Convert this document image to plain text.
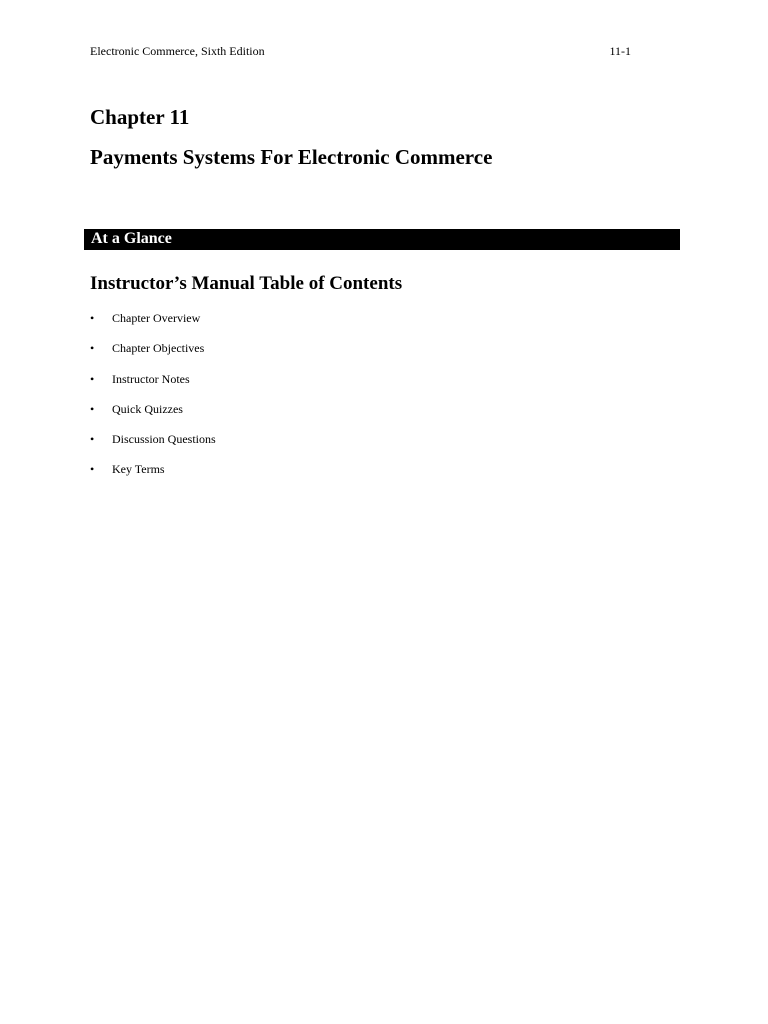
Electronic Commerce, Sixth Edition	11-1
Chapter 11
Payments Systems For Electronic Commerce
At a Glance
Instructor’s Manual Table of Contents
• Chapter Overview
• Chapter Objectives
• Instructor Notes
• Quick Quizzes
• Discussion Questions
• Key Terms
